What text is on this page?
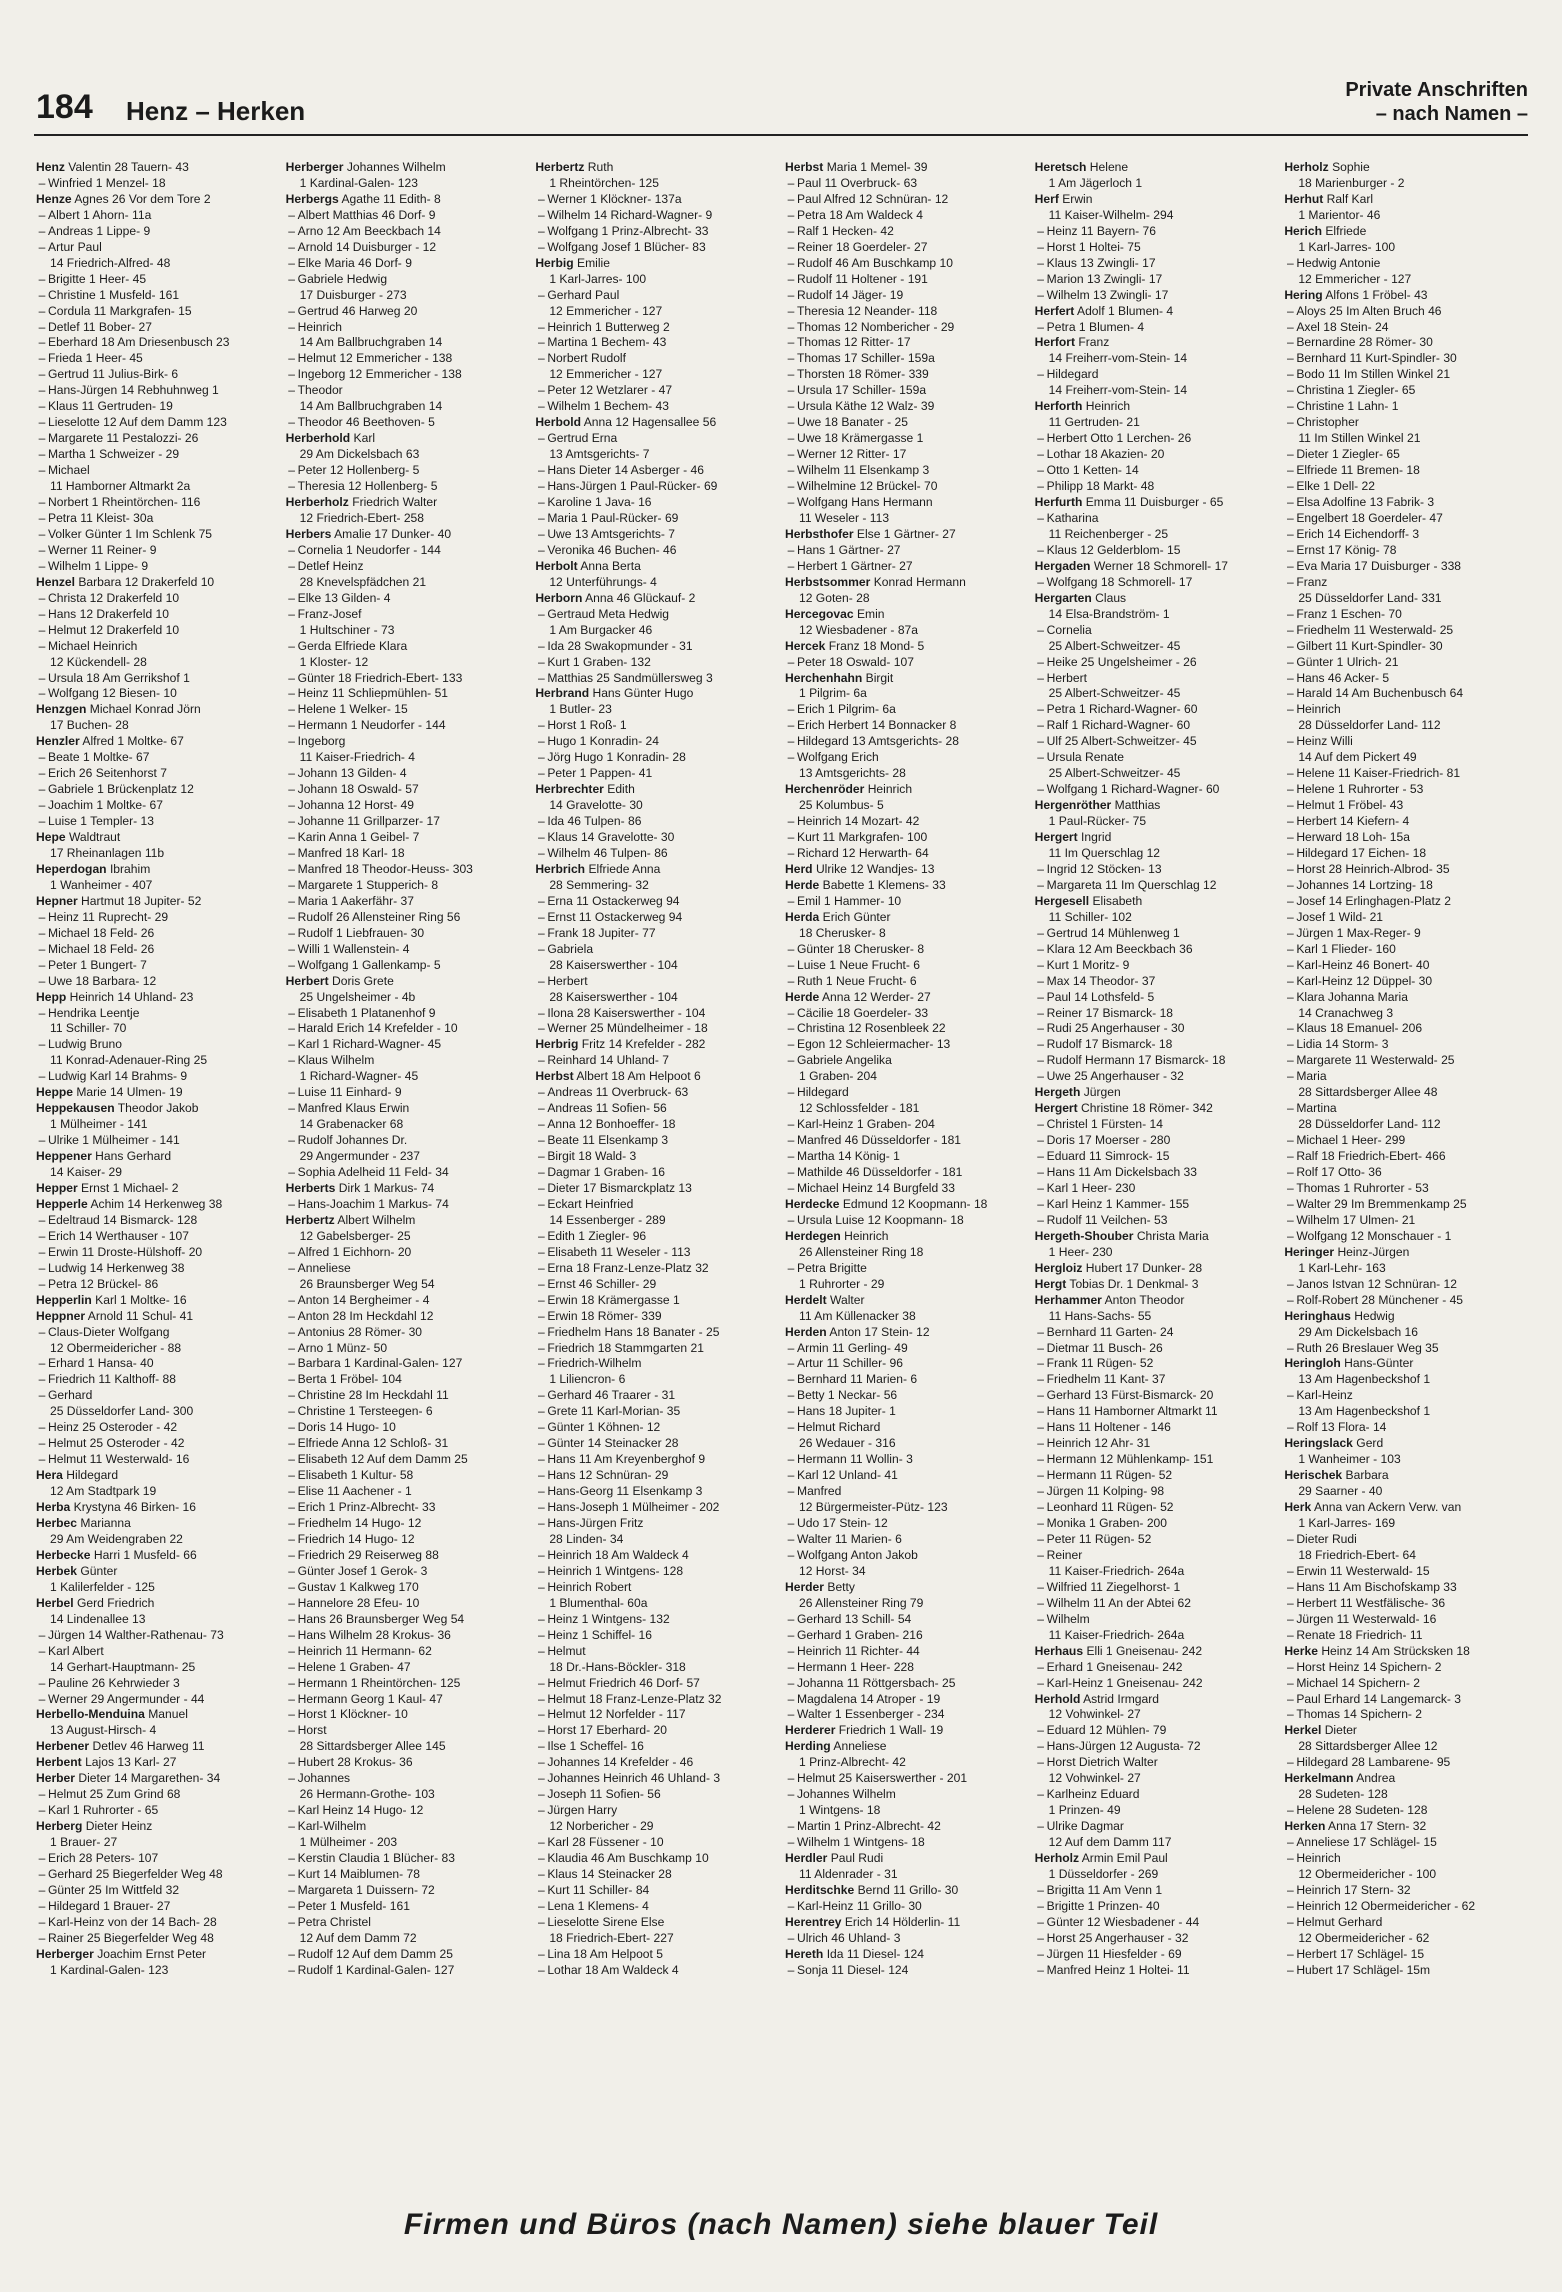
184 Henz – Herken
Private Anschriften
– nach Namen –
Henz Valentin 28 Tauern- 43
– Winfried 1 Menzel- 18
Henze Agnes 26 Vor dem Tore 2
– Albert 1 Ahorn- 11a
– Andreas 1 Lippe- 9
– Artur Paul
14 Friedrich-Alfred- 48
– Brigitte 1 Heer- 45
– Christine 1 Musfeld- 161
– Cordula 11 Markgrafen- 15
– Detlef 11 Bober- 27
– Eberhard 18 Am Driesenbusch 23
– Frieda 1 Heer- 45
– Gertrud 11 Julius-Birk- 6
– Hans-Jürgen 14 Rebhuhnweg 1
– Klaus 11 Gertruden- 19
– Lieselotte 12 Auf dem Damm 123
– Margarete 11 Pestalozzi- 26
– Martha 1 Schweizer - 29
– Michael
11 Hamborner Altmarkt 2a
– Norbert 1 Rheintörchen- 116
– Petra 11 Kleist- 30a
– Volker Günter 1 Im Schlenk 75
– Werner 11 Reiner- 9
– Wilhelm 1 Lippe- 9
Henzel Barbara 12 Drakerfeld 10
– Christa 12 Drakerfeld 10
– Hans 12 Drakerfeld 10
– Helmut 12 Drakerfeld 10
– Michael Heinrich
12 Kückendell- 28
– Ursula 18 Am Gerrikshof 1
– Wolfgang 12 Biesen- 10
Henzgen Michael Konrad Jörn
17 Buchen- 28
Henzler Alfred 1 Moltke- 67
– Beate 1 Moltke- 67
– Erich 26 Seitenhorst 7
– Gabriele 1 Brückenplatz 12
– Joachim 1 Moltke- 67
– Luise 1 Templer- 13
Hepe Waldtraut
17 Rheinanlagen 11b
Heperdogan Ibrahim
1 Wanheimer - 407
Hepner Hartmut 18 Jupiter- 52
– Heinz 11 Ruprecht- 29
– Michael 18 Feld- 26
– Michael 18 Feld- 26
– Peter 1 Bungert- 7
– Uwe 18 Barbara- 12
Hepp Heinrich 14 Uhland- 23
– Hendrika Leentje
11 Schiller- 70
– Ludwig Bruno
11 Konrad-Adenauer-Ring 25
– Ludwig Karl 14 Brahms- 9
Heppe Marie 14 Ulmen- 19
Heppekausen Theodor Jakob
1 Mülheimer - 141
– Ulrike 1 Mülheimer - 141
Heppener Hans Gerhard
14 Kaiser- 29
Hepper Ernst 1 Michael- 2
Hepperle Achim 14 Herkenweg 38
– Edeltraud 14 Bismarck- 128
– Erich 14 Werthauser - 107
– Erwin 11 Droste-Hülshoff- 20
– Ludwig 14 Herkenweg 38
– Petra 12 Brückel- 86
Hepperlin Karl 1 Moltke- 16
Heppner Arnold 11 Schul- 41
– Claus-Dieter Wolfgang
12 Obermeidericher - 88
– Erhard 1 Hansa- 40
– Friedrich 11 Kalthoff- 88
– Gerhard
25 Düsseldorfer Land- 300
– Heinz 25 Osteroder - 42
– Helmut 25 Osteroder - 42
– Helmut 11 Westerwald- 16
Hera Hildegard
12 Am Stadtpark 19
Herba Krystyna 46 Birken- 16
Herbec Marianna
29 Am Weidengraben 22
Herbecke Harri 1 Musfeld- 66
Herbek Günter
1 Kalilerfelder - 125
Herbel Gerd Friedrich
14 Lindenallee 13
– Jürgen 14 Walther-Rathenau- 73
– Karl Albert
14 Gerhart-Hauptmann- 25
– Pauline 26 Kehrwieder 3
– Werner 29 Angermunder - 44
Herbello-Menduina Manuel
13 August-Hirsch- 4
Herbener Detlev 46 Harweg 11
Herbent Lajos 13 Karl- 27
Herber Dieter 14 Margarethen- 34
– Helmut 25 Zum Grind 68
– Karl 1 Ruhrorter - 65
Herberg Dieter Heinz
1 Brauer- 27
– Erich 28 Peters- 107
– Gerhard 25 Biegerfelder Weg 48
– Günter 25 Im Wittfeld 32
– Hildegard 1 Brauer- 27
– Karl-Heinz von der 14 Bach- 28
– Rainer 25 Biegerfelder Weg 48
Herberger Joachim Ernst Peter
1 Kardinal-Galen- 123
Herberger Johannes Wilhelm
1 Kardinal-Galen- 123
Herbergs Agathe 11 Edith- 8
– Albert Matthias 46 Dorf- 9
– Arno 12 Am Beeckbach 14
– Arnold 14 Duisburger - 12
– Elke Maria 46 Dorf- 9
– Gabriele Hedwig
17 Duisburger - 273
– Gertrud 46 Harweg 20
– Heinrich
14 Am Ballbruchgraben 14
– Helmut 12 Emmericher - 138
– Ingeborg 12 Emmericher - 138
– Theodor
14 Am Ballbruchgraben 14
– Theodor 46 Beethoven- 5
Herberhold Karl
29 Am Dickelsbach 63
– Peter 12 Hollenberg- 5
– Theresia 12 Hollenberg- 5
Herberholz Friedrich Walter
12 Friedrich-Ebert- 258
Herbers Amalie 17 Dunker- 40
– Cornelia 1 Neudorfer - 144
– Detlef Heinz
28 Knevelspfädchen 21
– Elke 13 Gilden- 4
– Franz-Josef
1 Hultschiner - 73
– Gerda Elfriede Klara
1 Kloster- 12
– Günter 18 Friedrich-Ebert- 133
– Heinz 11 Schliepmühlen- 51
– Helene 1 Welker- 15
– Hermann 1 Neudorfer - 144
– Ingeborg
11 Kaiser-Friedrich- 4
– Johann 13 Gilden- 4
– Johann 18 Oswald- 57
– Johanna 12 Horst- 49
– Johanne 11 Grillparzer- 17
– Karin Anna 1 Geibel- 7
– Manfred 18 Karl- 18
– Manfred 18 Theodor-Heuss- 303
– Margarete 1 Stupperich- 8
– Maria 1 Aakerfähr- 37
– Rudolf 26 Allensteiner Ring 56
– Rudolf 1 Liebfrauen- 30
– Willi 1 Wallenstein- 4
– Wolfgang 1 Gallenkamp- 5
Herbert Doris Grete
25 Ungelsheimer - 4b
– Elisabeth 1 Platanenhof 9
– Harald Erich 14 Krefelder - 10
– Karl 1 Richard-Wagner- 45
– Klaus Wilhelm
1 Richard-Wagner- 45
– Luise 11 Einhard- 9
– Manfred Klaus Erwin
14 Grabenacker 68
– Rudolf Johannes Dr.
29 Angermunder - 237
– Sophia Adelheid 11 Feld- 34
Herberts Dirk 1 Markus- 74
– Hans-Joachim 1 Markus- 74
Herbertz Albert Wilhelm
12 Gabelsberger- 25
– Alfred 1 Eichhorn- 20
– Anneliese
26 Braunsberger Weg 54
– Anton 14 Bergheimer - 4
– Anton 28 Im Heckdahl 12
– Antonius 28 Römer- 30
– Arno 1 Münz- 50
– Barbara 1 Kardinal-Galen- 127
– Berta 1 Fröbel- 104
– Christine 28 Im Heckdahl 11
– Christine 1 Tersteegen- 6
– Doris 14 Hugo- 10
– Elfriede Anna 12 Schloß- 31
– Elisabeth 12 Auf dem Damm 25
– Elisabeth 1 Kultur- 58
– Elise 11 Aachener - 1
– Erich 1 Prinz-Albrecht- 33
– Friedhelm 14 Hugo- 12
– Friedrich 14 Hugo- 12
– Friedrich 29 Reiserweg 88
– Günter Josef 1 Gerok- 3
– Gustav 1 Kalkweg 170
– Hannelore 28 Efeu- 10
– Hans 26 Braunsberger Weg 54
– Hans Wilhelm 28 Krokus- 36
– Heinrich 11 Hermann- 62
– Helene 1 Graben- 47
– Hermann 1 Rheintörchen- 125
– Hermann Georg 1 Kaul- 47
– Horst 1 Klöckner- 10
– Horst
28 Sittardsberger Allee 145
– Hubert 28 Krokus- 36
– Johannes
26 Hermann-Grothe- 103
– Karl Heinz 14 Hugo- 12
– Karl-Wilhelm
1 Mülheimer - 203
– Kerstin Claudia 1 Blücher- 83
– Kurt 14 Maiblumen- 78
– Margareta 1 Duissern- 72
– Peter 1 Musfeld- 161
– Petra Christel
12 Auf dem Damm 72
– Rudolf 12 Auf dem Damm 25
– Rudolf 1 Kardinal-Galen- 127
Herbertz Ruth
1 Rheintörchen- 125
– Werner 1 Klöckner- 137a
– Wilhelm 14 Richard-Wagner- 9
– Wolfgang 1 Prinz-Albrecht- 33
– Wolfgang Josef 1 Blücher- 83
Herbig Emilie
1 Karl-Jarres- 100
– Gerhard Paul
12 Emmericher - 127
– Heinrich 1 Butterweg 2
– Martina 1 Bechem- 43
– Norbert Rudolf
12 Emmericher - 127
– Peter 12 Wetzlarer - 47
– Wilhelm 1 Bechem- 43
Herbold Anna 12 Hagensallee 56
– Gertrud Erna
13 Amtsgerichts- 7
– Hans Dieter 14 Asberger - 46
– Hans-Jürgen 1 Paul-Rücker- 69
– Karoline 1 Java- 16
– Maria 1 Paul-Rücker- 69
– Uwe 13 Amtsgerichts- 7
– Veronika 46 Buchen- 46
Herbolt Anna Berta
12 Unterführungs- 4
Herborn Anna 46 Glückauf- 2
– Gertraud Meta Hedwig
1 Am Burgacker 46
– Ida 28 Swakopmunder - 31
– Kurt 1 Graben- 132
– Matthias 25 Sandmüllersweg 3
Herbrand Hans Günter Hugo
1 Butler- 23
– Horst 1 Roß- 1
– Hugo 1 Konradin- 24
– Jörg Hugo 1 Konradin- 28
– Peter 1 Pappen- 41
Herbrechter Edith
14 Gravelotte- 30
– Ida 46 Tulpen- 86
– Klaus 14 Gravelotte- 30
– Wilhelm 46 Tulpen- 86
Herbrich Elfriede Anna
28 Semmering- 32
– Erna 11 Ostackerweg 94
– Ernst 11 Ostackerweg 94
– Frank 18 Jupiter- 77
– Gabriela
28 Kaiserswerther - 104
– Herbert
28 Kaiserswerther - 104
– Ilona 28 Kaiserswerther - 104
– Werner 25 Mündelheimer - 18
Herbrig Fritz 14 Krefelder - 282
– Reinhard 14 Uhland- 7
Herbst Albert 18 Am Helpoot 6
– Andreas 11 Overbruck- 63
– Andreas 11 Sofien- 56
– Anna 12 Bonhoeffer- 18
– Beate 11 Elsenkamp 3
– Birgit 18 Wald- 3
– Dagmar 1 Graben- 16
– Dieter 17 Bismarckplatz 13
– Eckart Heinfried
14 Essenberger - 289
– Edith 1 Ziegler- 96
– Elisabeth 11 Weseler - 113
– Erna 18 Franz-Lenze-Platz 32
– Ernst 46 Schiller- 29
– Erwin 18 Krämergasse 1
– Erwin 18 Römer- 339
– Friedhelm Hans 18 Banater - 25
– Friedrich 18 Stammgarten 21
– Friedrich-Wilhelm
1 Liliencron- 6
– Gerhard 46 Traarer - 31
– Grete 11 Karl-Morian- 35
– Günter 1 Köhnen- 12
– Günter 14 Steinacker 28
– Hans 11 Am Kreyenberghof 9
– Hans 12 Schnüran- 29
– Hans-Georg 11 Elsenkamp 3
– Hans-Joseph 1 Mülheimer - 202
– Hans-Jürgen Fritz
28 Linden- 34
– Heinrich 18 Am Waldeck 4
– Heinrich 1 Wintgens- 128
– Heinrich Robert
1 Blumenthal- 60a
– Heinz 1 Wintgens- 132
– Heinz 1 Schiffel- 16
– Helmut
18 Dr.-Hans-Böckler- 318
– Helmut Friedrich 46 Dorf- 57
– Helmut 18 Franz-Lenze-Platz 32
– Helmut 12 Norfelder - 117
– Horst 17 Eberhard- 20
– Ilse 1 Scheffel- 16
– Johannes 14 Krefelder - 46
– Johannes Heinrich 46 Uhland- 3
– Joseph 11 Sofien- 56
– Jürgen Harry
12 Norbericher - 29
– Karl 28 Füssener - 10
– Klaudia 46 Am Buschkamp 10
– Klaus 14 Steinacker 28
– Kurt 11 Schiller- 84
– Lena 1 Klemens- 4
– Lieselotte Sirene Else
18 Friedrich-Ebert- 227
– Lina 18 Am Helpoot 5
– Lothar 18 Am Waldeck 4
Herbst Maria 1 Memel- 39
– Paul 11 Overbruck- 63
– Paul Alfred 12 Schnüran- 12
– Petra 18 Am Waldeck 4
– Ralf 1 Hecken- 42
– Reiner 18 Goerdeler- 27
– Rudolf 46 Am Buschkamp 10
– Rudolf 11 Holtener - 191
– Rudolf 14 Jäger- 19
– Theresia 12 Neander- 118
– Thomas 12 Nombericher - 29
– Thomas 12 Ritter- 17
– Thomas 17 Schiller- 159a
– Thorsten 18 Römer- 339
– Ursula 17 Schiller- 159a
– Ursula Käthe 12 Walz- 39
– Uwe 18 Banater - 25
– Uwe 18 Krämergasse 1
– Werner 12 Ritter- 17
– Wilhelm 11 Elsenkamp 3
– Wilhelmine 12 Brückel- 70
– Wolfgang Hans Hermann
11 Weseler - 113
Herbsthofer Else 1 Gärtner- 27
– Hans 1 Gärtner- 27
– Herbert 1 Gärtner- 27
Herbstsommer Konrad Hermann
12 Goten- 28
Hercegovac Emin
12 Wiesbadener - 87a
Hercek Franz 18 Mond- 5
– Peter 18 Oswald- 107
Herchenhahn Birgit
1 Pilgrim- 6a
– Erich 1 Pilgrim- 6a
– Erich Herbert 14 Bonnacker 8
– Hildegard 13 Amtsgerichts- 28
– Wolfgang Erich
13 Amtsgerichts- 28
Herchenröder Heinrich
25 Kolumbus- 5
– Heinrich 14 Mozart- 42
– Kurt 11 Markgrafen- 100
– Richard 12 Herwarth- 64
Herd Ulrike 12 Wandjes- 13
Herde Babette 1 Klemens- 33
– Emil 1 Hammer- 10
Herda Erich Günter
18 Cherusker- 8
– Günter 18 Cherusker- 8
– Luise 1 Neue Frucht- 6
– Ruth 1 Neue Frucht- 6
Herde Anna 12 Werder- 27
– Cäcilie 18 Goerdeler- 33
– Christina 12 Rosenbleek 22
– Egon 12 Schleiermacher- 13
– Gabriele Angelika
1 Graben- 204
– Hildegard
12 Schlossfelder - 181
– Karl-Heinz 1 Graben- 204
– Manfred 46 Düsseldorfer - 181
– Martha 14 König- 1
– Mathilde 46 Düsseldorfer - 181
– Michael Heinz 14 Burgfeld 33
Herdecke Edmund 12 Koopmann- 18
– Ursula Luise 12 Koopmann- 18
Herdegen Heinrich
26 Allensteiner Ring 18
– Petra Brigitte
1 Ruhrorter - 29
Herdelt Walter
11 Am Küllenacker 38
Herden Anton 17 Stein- 12
– Armin 11 Gerling- 49
– Artur 11 Schiller- 96
– Bernhard 11 Marien- 6
– Betty 1 Neckar- 56
– Hans 18 Jupiter- 1
– Helmut Richard
26 Wedauer - 316
– Hermann 11 Wollin- 3
– Karl 12 Unland- 41
– Manfred
12 Bürgermeister-Pütz- 123
– Udo 17 Stein- 12
– Walter 11 Marien- 6
– Wolfgang Anton Jakob
12 Horst- 34
Herder Betty
26 Allensteiner Ring 79
– Gerhard 13 Schill- 54
– Gerhard 1 Graben- 216
– Heinrich 11 Richter- 44
– Hermann 1 Heer- 228
– Johanna 11 Röttgersbach- 25
– Magdalena 14 Atroper - 19
– Walter 1 Essenberger - 234
Herderer Friedrich 1 Wall- 19
Herding Anneliese
1 Prinz-Albrecht- 42
– Helmut 25 Kaiserswerther - 201
– Johannes Wilhelm
1 Wintgens- 18
– Martin 1 Prinz-Albrecht- 42
– Wilhelm 1 Wintgens- 18
Herdler Paul Rudi
11 Aldenrader - 31
Herditschke Bernd 11 Grillo- 30
– Karl-Heinz 11 Grillo- 30
Herentrey Erich 14 Hölderlin- 11
– Ulrich 46 Uhland- 3
Hereth Ida 11 Diesel- 124
– Sonja 11 Diesel- 124
Heretsch Helene
1 Am Jägerloch 1
Herf Erwin
11 Kaiser-Wilhelm- 294
– Heinz 11 Bayern- 76
– Horst 1 Holtei- 75
– Klaus 13 Zwingli- 17
– Marion 13 Zwingli- 17
– Wilhelm 13 Zwingli- 17
Herfert Adolf 1 Blumen- 4
– Petra 1 Blumen- 4
Herfort Franz
14 Freiherr-vom-Stein- 14
– Hildegard
14 Freiherr-vom-Stein- 14
Herforth Heinrich
11 Gertruden- 21
– Herbert Otto 1 Lerchen- 26
– Lothar 18 Akazien- 20
– Otto 1 Ketten- 14
– Philipp 18 Markt- 48
Herfurth Emma 11 Duisburger - 65
– Katharina
11 Reichenberger - 25
– Klaus 12 Gelderblom- 15
Hergaden Werner 18 Schmorell- 17
– Wolfgang 18 Schmorell- 17
Hergarten Claus
14 Elsa-Brandström- 1
– Cornelia
25 Albert-Schweitzer- 45
– Heike 25 Ungelsheimer - 26
– Herbert
25 Albert-Schweitzer- 45
– Petra 1 Richard-Wagner- 60
– Ralf 1 Richard-Wagner- 60
– Ulf 25 Albert-Schweitzer- 45
– Ursula Renate
25 Albert-Schweitzer- 45
– Wolfgang 1 Richard-Wagner- 60
Hergenröther Matthias
1 Paul-Rücker- 75
Hergert Ingrid
11 Im Querschlag 12
– Ingrid 12 Stöcken- 13
– Margareta 11 Im Querschlag 12
Hergesell Elisabeth
11 Schiller- 102
– Gertrud 14 Mühlenweg 1
– Klara 12 Am Beeckbach 36
– Kurt 1 Moritz- 9
– Max 14 Theodor- 37
– Paul 14 Lothsfeld- 5
– Reiner 17 Bismarck- 18
– Rudi 25 Angerhauser - 30
– Rudolf 17 Bismarck- 18
– Rudolf Hermann 17 Bismarck- 18
– Uwe 25 Angerhauser - 32
Hergeth Jürgen
Hergert Christine 18 Römer- 342
– Christel 1 Fürsten- 14
– Doris 17 Moerser - 280
– Eduard 11 Simrock- 15
– Hans 11 Am Dickelsbach 33
– Karl 1 Heer- 230
– Karl Heinz 1 Kammer- 155
– Rudolf 11 Veilchen- 53
Hergeth-Shouber Christa Maria
1 Heer- 230
Hergloiz Hubert 17 Dunker- 28
Hergt Tobias Dr. 1 Denkmal- 3
Herhammer Anton Theodor
11 Hans-Sachs- 55
– Bernhard 11 Garten- 24
– Dietmar 11 Busch- 26
– Frank 11 Rügen- 52
– Friedhelm 11 Kant- 37
– Gerhard 13 Fürst-Bismarck- 20
– Hans 11 Hamborner Altmarkt 11
– Hans 11 Holtener - 146
– Heinrich 12 Ahr- 31
– Hermann 12 Mühlenkamp- 151
– Hermann 11 Rügen- 52
– Jürgen 11 Kolping- 98
– Leonhard 11 Rügen- 52
– Monika 1 Graben- 200
– Peter 11 Rügen- 52
– Reiner
11 Kaiser-Friedrich- 264a
– Wilfried 11 Ziegelhorst- 1
– Wilhelm 11 An der Abtei 62
– Wilhelm
11 Kaiser-Friedrich- 264a
Herhaus Elli 1 Gneisenau- 242
– Erhard 1 Gneisenau- 242
– Karl-Heinz 1 Gneisenau- 242
Herhold Astrid Irmgard
12 Vohwinkel- 27
– Eduard 12 Mühlen- 79
– Hans-Jürgen 12 Augusta- 72
– Horst Dietrich Walter
12 Vohwinkel- 27
– Karlheinz Eduard
1 Prinzen- 49
– Ulrike Dagmar
12 Auf dem Damm 117
Herholz Armin Emil Paul
1 Düsseldorfer - 269
– Brigitta 11 Am Venn 1
– Brigitte 1 Prinzen- 40
– Günter 12 Wiesbadener - 44
– Horst 25 Angerhauser - 32
– Jürgen 11 Hiesfelder - 69
– Manfred Heinz 1 Holtei- 11
Herholz Sophie
18 Marienburger - 2
Herhut Ralf Karl
1 Marientor- 46
Herich Elfriede
1 Karl-Jarres- 100
– Hedwig Antonie
12 Emmericher - 127
Hering Alfons 1 Fröbel- 43
– Aloys 25 Im Alten Bruch 46
– Axel 18 Stein- 24
– Bernardine 28 Römer- 30
– Bernhard 11 Kurt-Spindler- 30
– Bodo 11 Im Stillen Winkel 21
– Christina 1 Ziegler- 65
– Christine 1 Lahn- 1
– Christopher
11 Im Stillen Winkel 21
– Dieter 1 Ziegler- 65
– Elfriede 11 Bremen- 18
– Elke 1 Dell- 22
– Elsa Adolfine 13 Fabrik- 3
– Engelbert 18 Goerdeler- 47
– Erich 14 Eichendorff- 3
– Ernst 17 König- 78
– Eva Maria 17 Duisburger - 338
– Franz
25 Düsseldorfer Land- 331
– Franz 1 Eschen- 70
– Friedhelm 11 Westerwald- 25
– Gilbert 11 Kurt-Spindler- 30
– Günter 1 Ulrich- 21
– Hans 46 Acker- 5
– Harald 14 Am Buchenbusch 64
– Heinrich
28 Düsseldorfer Land- 112
– Heinz Willi
14 Auf dem Pickert 49
– Helene 11 Kaiser-Friedrich- 81
– Helene 1 Ruhrorter - 53
– Helmut 1 Fröbel- 43
– Herbert 14 Kiefern- 4
– Herward 18 Loh- 15a
– Hildegard 17 Eichen- 18
– Horst 28 Heinrich-Albrod- 35
– Johannes 14 Lortzing- 18
– Josef 14 Erlinghagen-Platz 2
– Josef 1 Wild- 21
– Jürgen 1 Max-Reger- 9
– Karl 1 Flieder- 160
– Karl-Heinz 46 Bonert- 40
– Karl-Heinz 12 Düppel- 30
– Klara Johanna Maria
14 Cranachweg 3
– Klaus 18 Emanuel- 206
– Lidia 14 Storm- 3
– Margarete 11 Westerwald- 25
– Maria
28 Sittardsberger Allee 48
– Martina
28 Düsseldorfer Land- 112
– Michael 1 Heer- 299
– Ralf 18 Friedrich-Ebert- 466
– Rolf 17 Otto- 36
– Thomas 1 Ruhrorter - 53
– Walter 29 Im Bremmenkamp 25
– Wilhelm 17 Ulmen- 21
– Wolfgang 12 Monschauer - 1
Heringer Heinz-Jürgen
1 Karl-Lehr- 163
– Janos Istvan 12 Schnüran- 12
– Rolf-Robert 28 Münchener - 45
Heringhaus Hedwig
29 Am Dickelsbach 16
– Ruth 26 Breslauer Weg 35
Heringloh Hans-Günter
13 Am Hagenbeckshof 1
– Karl-Heinz
13 Am Hagenbeckshof 1
– Rolf 13 Flora- 14
Heringslack Gerd
1 Wanheimer - 103
Herischek Barbara
29 Saarner - 40
Herk Anna van Ackern Verw. van
1 Karl-Jarres- 169
– Dieter Rudi
18 Friedrich-Ebert- 64
– Erwin 11 Westerwald- 15
– Hans 11 Am Bischofskamp 33
– Herbert 11 Westfälische- 36
– Jürgen 11 Westerwald- 16
– Renate 18 Friedrich- 11
Herke Heinz 14 Am Strücksken 18
– Horst Heinz 14 Spichern- 2
– Michael 14 Spichern- 2
– Paul Erhard 14 Langemarck- 3
– Thomas 14 Spichern- 2
Herkel Dieter
28 Sittardsberger Allee 12
– Hildegard 28 Lambarene- 95
Herkelmann Andrea
28 Sudeten- 128
– Helene 28 Sudeten- 128
Herken Anna 17 Stern- 32
– Anneliese 17 Schlägel- 15
– Heinrich
12 Obermeidericher - 100
– Heinrich 17 Stern- 32
– Heinrich 12 Obermeidericher - 62
– Helmut Gerhard
12 Obermeidericher - 62
– Herbert 17 Schlägel- 15
– Hubert 17 Schlägel- 15m
Firmen und Büros (nach Namen) siehe blauer Teil
